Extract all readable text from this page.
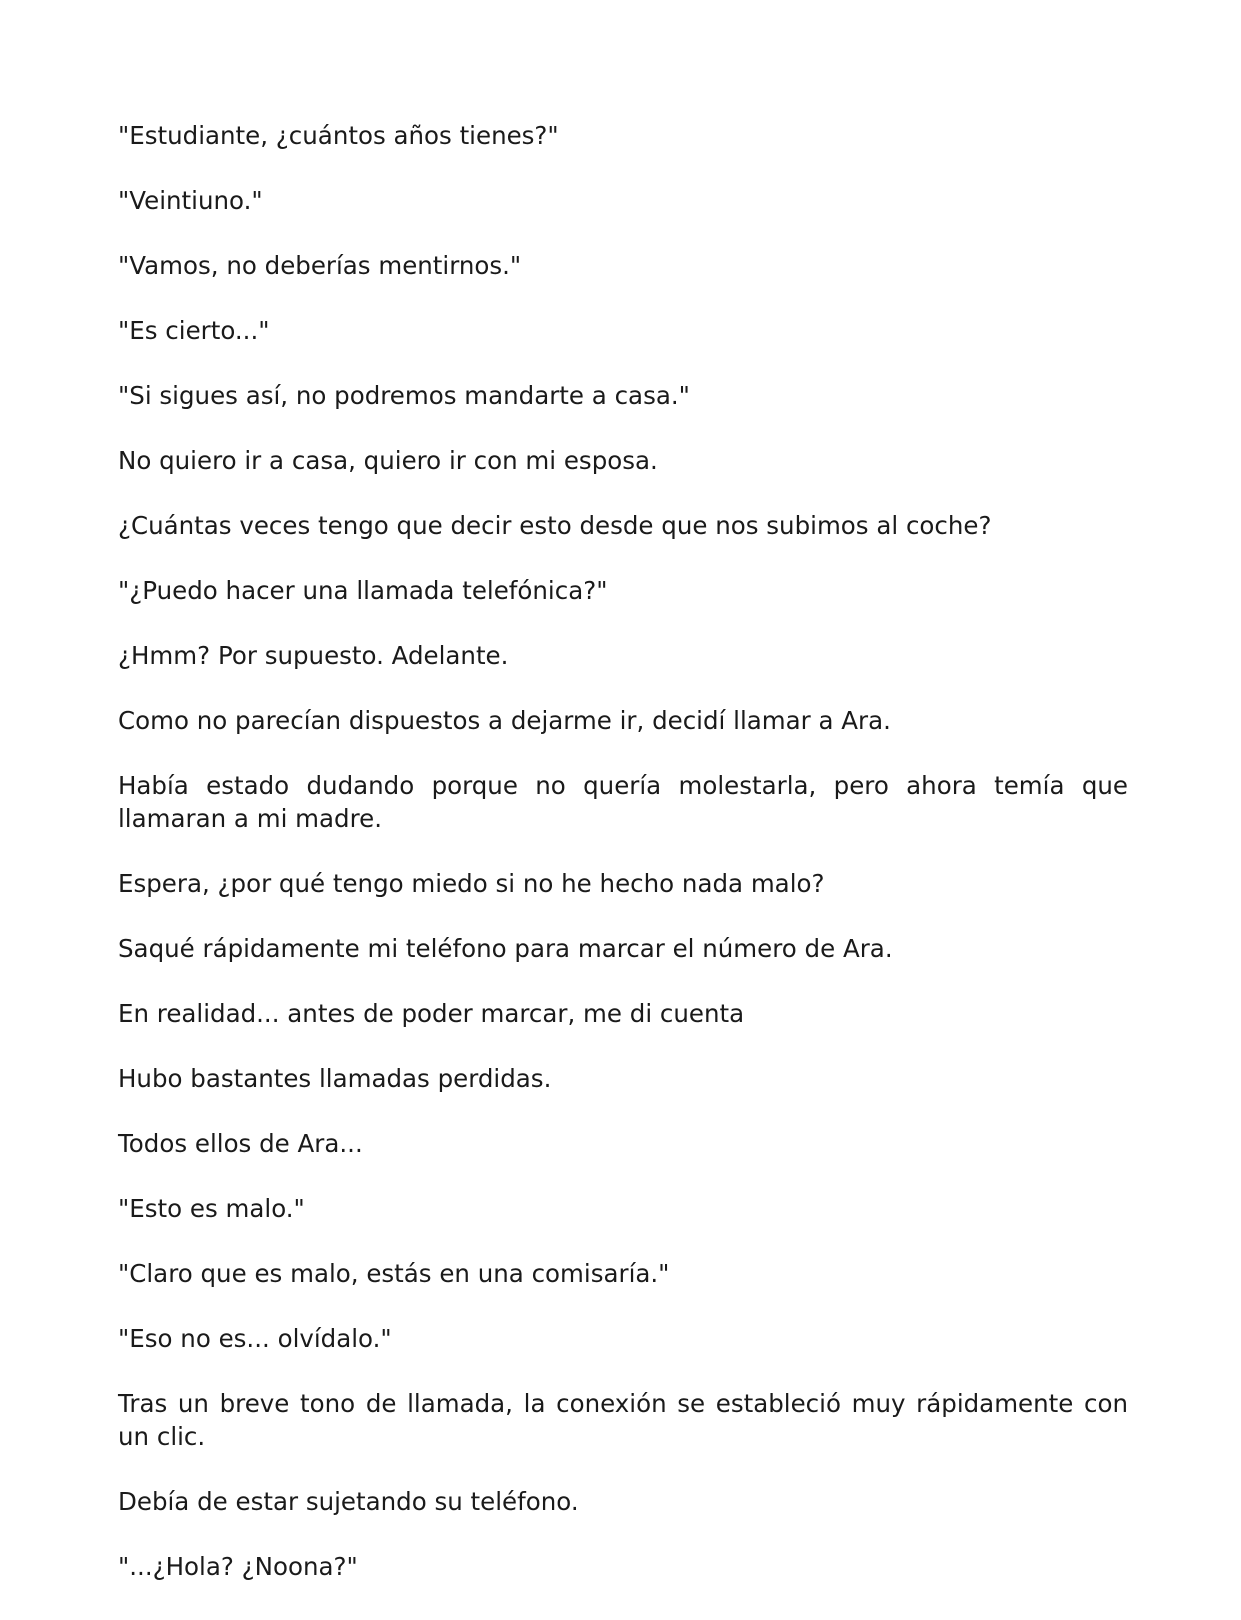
"Estudiante, ¿cuántos años tienes?"

"Veintiuno."

"Vamos, no deberías mentirnos."

"Es cierto..."

"Si sigues así, no podremos mandarte a casa."

No quiero ir a casa, quiero ir con mi esposa.

¿Cuántas veces tengo que decir esto desde que nos subimos al coche?

"¿Puedo hacer una llamada telefónica?"

¿Hmm? Por supuesto. Adelante.

Como no parecían dispuestos a dejarme ir, decidí llamar a Ara.

Había estado dudando porque no quería molestarla, pero ahora temía que llamaran a mi madre.

Espera, ¿por qué tengo miedo si no he hecho nada malo?

Saqué rápidamente mi teléfono para marcar el número de Ara.

En realidad... antes de poder marcar, me di cuenta

Hubo bastantes llamadas perdidas.

Todos ellos de Ara...

"Esto es malo."

"Claro que es malo, estás en una comisaría."

"Eso no es... olvídalo."

Tras un breve tono de llamada, la conexión se estableció muy rápidamente con un clic.

Debía de estar sujetando su teléfono.

"...¿Hola? ¿Noona?"
